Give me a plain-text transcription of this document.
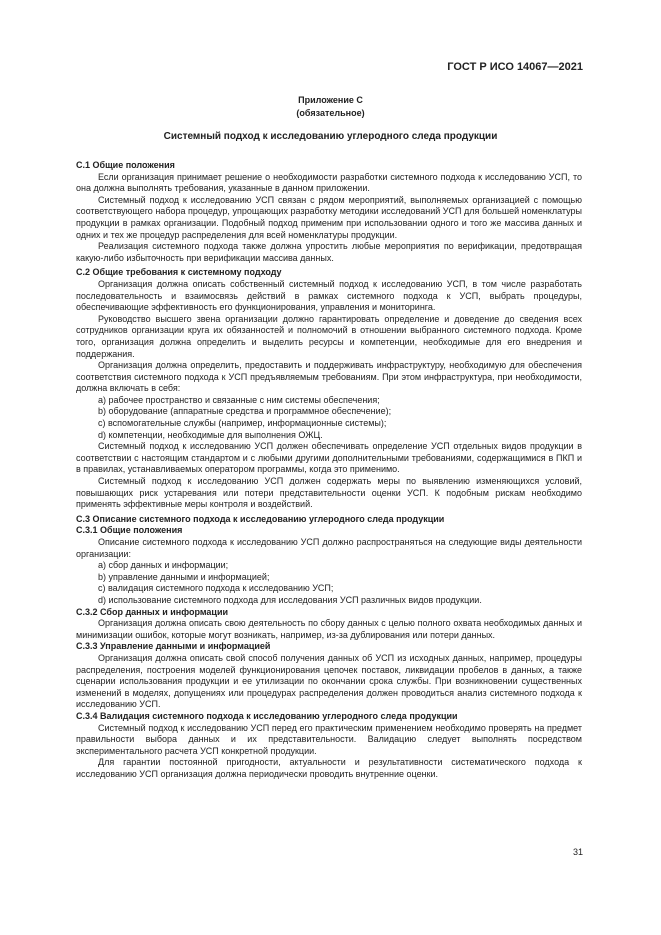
ГОСТ Р ИСО 14067—2021
Приложение С
(обязательное)
Системный подход к исследованию углеродного следа продукции

С.1 Общие положения

Если организация принимает решение о необходимости разработки системного подхода к исследованию УСП, то она должна выполнять требования, указанные в данном приложении.

Системный подход к исследованию УСП связан с рядом мероприятий, выполняемых организацией с помощью соответствующего набора процедур, упрощающих разработку методики исследований УСП для большей номенклатуры продукции в рамках организации. Подобный подход применим при использовании одного и того же массива данных и одних и тех же процедур распределения для всей номенклатуры продукции.

Реализация системного подхода также должна упростить любые мероприятия по верификации, предотвращая какую-либо избыточность при верификации массива данных.

С.2 Общие требования к системному подходу

Организация должна описать собственный системный подход к исследованию УСП, в том числе разработать последовательность и взаимосвязь действий в рамках системного подхода к УСП, выбрать процедуры, обеспечивающие эффективность его функционирования, управления и мониторинга.

Руководство высшего звена организации должно гарантировать определение и доведение до сведения всех сотрудников организации круга их обязанностей и полномочий в отношении выбранного системного подхода. Кроме того, организация должна определить и выделить ресурсы и компетенции, необходимые для его внедрения и поддержания.

Организация должна определить, предоставить и поддерживать инфраструктуру, необходимую для обеспечения соответствия системного подхода к УСП предъявляемым требованиям. При этом инфраструктура, при необходимости, должна включать в себя:

a) рабочее пространство и связанные с ним системы обеспечения;

b) оборудование (аппаратные средства и программное обеспечение);

c) вспомогательные службы (например, информационные системы);

d) компетенции, необходимые для выполнения ОЖЦ.

Системный подход к исследованию УСП должен обеспечивать определение УСП отдельных видов продукции в соответствии с настоящим стандартом и с любыми другими дополнительными требованиями, содержащимися в ПКП и в правилах, устанавливаемых оператором программы, когда это применимо.

Системный подход к исследованию УСП должен содержать меры по выявлению изменяющихся условий, повышающих риск устаревания или потери представительности оценки УСП. К подобным рискам необходимо применять эффективные меры контроля и воздействий.

С.3 Описание системного подхода к исследованию углеродного следа продукции

С.3.1 Общие положения

Описание системного подхода к исследованию УСП должно распространяться на следующие виды деятельности организации:

a) сбор данных и информации;

b) управление данными и информацией;

c) валидация системного подхода к исследованию УСП;

d) использование системного подхода для исследования УСП различных видов продукции.

С.3.2 Сбор данных и информации

Организация должна описать свою деятельность по сбору данных с целью полного охвата необходимых данных и минимизации ошибок, которые могут возникать, например, из-за дублирования или потери данных.

С.3.3 Управление данными и информацией

Организация должна описать свой способ получения данных об УСП из исходных данных, например, процедуры распределения, построения моделей функционирования цепочек поставок, ликвидации пробелов в данных, а также сценарии использования продукции и ее утилизации по окончании срока службы. При возникновении существенных изменений в моделях, допущениях или процедурах распределения должен проводиться анализ системного подхода к исследованию УСП.

С.3.4 Валидация системного подхода к исследованию углеродного следа продукции

Системный подход к исследованию УСП перед его практическим применением необходимо проверять на предмет правильности выбора данных и их представительности. Валидацию следует выполнять посредством экспериментального расчета УСП конкретной продукции.

Для гарантии постоянной пригодности, актуальности и результативности систематического подхода к исследованию УСП организация должна периодически проводить внутренние оценки.

31
